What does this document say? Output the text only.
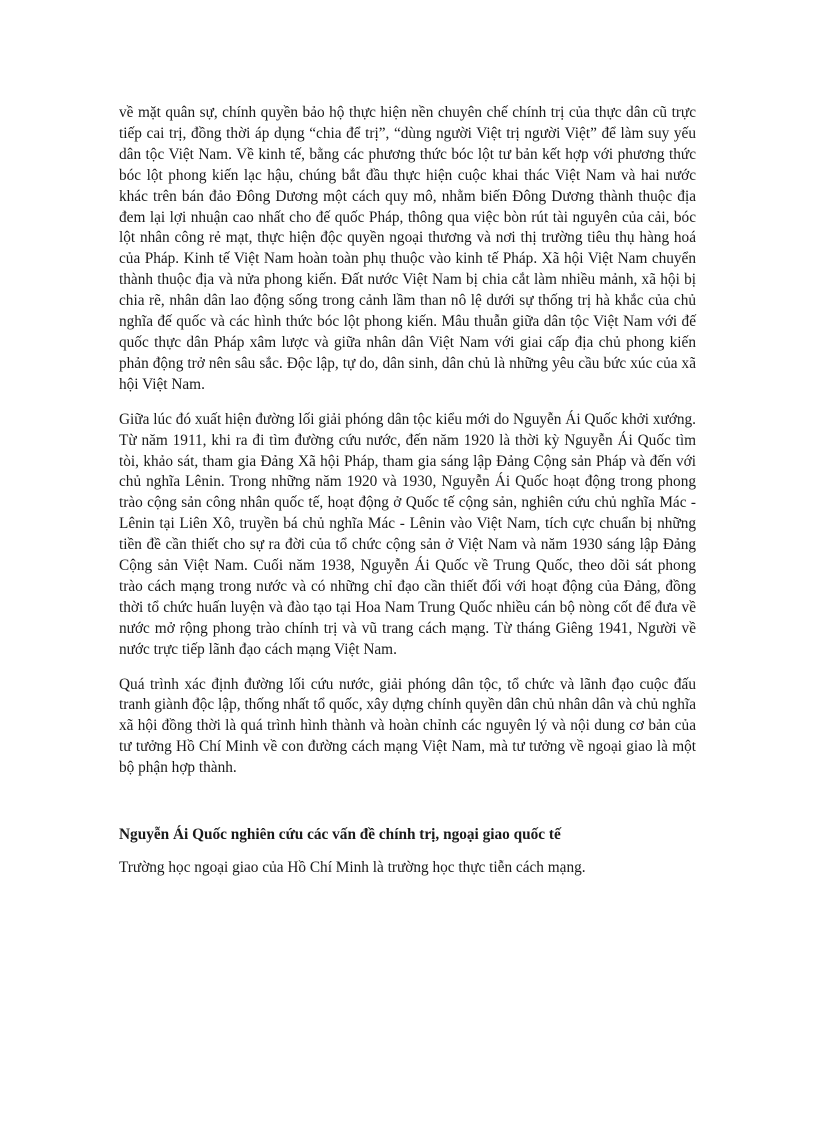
về mặt quân sự, chính quyền bảo hộ thực hiện nền chuyên chế chính trị của thực dân cũ trực tiếp cai trị, đồng thời áp dụng “chia để trị”, “dùng người Việt trị người Việt” để làm suy yếu dân tộc Việt Nam. Về kinh tế, bằng các phương thức bóc lột tư bản kết hợp với phương thức bóc lột phong kiến lạc hậu, chúng bắt đầu thực hiện cuộc khai thác Việt Nam và hai nước khác trên bán đảo Đông Dương một cách quy mô, nhằm biến Đông Dương thành thuộc địa đem lại lợi nhuận cao nhất cho đế quốc Pháp, thông qua việc bòn rút tài nguyên của cải, bóc lột nhân công rẻ mạt, thực hiện độc quyền ngoại thương và nơi thị trường tiêu thụ hàng hoá của Pháp. Kinh tế Việt Nam hoàn toàn phụ thuộc vào kinh tế Pháp. Xã hội Việt Nam chuyển thành thuộc địa và nửa phong kiến. Đất nước Việt Nam bị chia cắt làm nhiều mảnh, xã hội bị chia rẽ, nhân dân lao động sống trong cảnh lầm than nô lệ dưới sự thống trị hà khắc của chủ nghĩa đế quốc và các hình thức bóc lột phong kiến. Mâu thuẫn giữa dân tộc Việt Nam với đế quốc thực dân Pháp xâm lược và giữa nhân dân Việt Nam với giai cấp địa chủ phong kiến phản động trở nên sâu sắc. Độc lập, tự do, dân sinh, dân chủ là những yêu cầu bức xúc của xã hội Việt Nam.

Giữa lúc đó xuất hiện đường lối giải phóng dân tộc kiểu mới do Nguyễn Ái Quốc khởi xướng. Từ năm 1911, khi ra đi tìm đường cứu nước, đến năm 1920 là thời kỳ Nguyễn Ái Quốc tìm tòi, khảo sát, tham gia Đảng Xã hội Pháp, tham gia sáng lập Đảng Cộng sản Pháp và đến với chủ nghĩa Lênin. Trong những năm 1920 và 1930, Nguyễn Ái Quốc hoạt động trong phong trào cộng sản công nhân quốc tế, hoạt động ở Quốc tế cộng sản, nghiên cứu chủ nghĩa Mác - Lênin tại Liên Xô, truyền bá chủ nghĩa Mác - Lênin vào Việt Nam, tích cực chuẩn bị những tiền đề cần thiết cho sự ra đời của tổ chức cộng sản ở Việt Nam và năm 1930 sáng lập Đảng Cộng sản Việt Nam. Cuối năm 1938, Nguyễn Ái Quốc về Trung Quốc, theo dõi sát phong trào cách mạng trong nước và có những chỉ đạo cần thiết đối với hoạt động của Đảng, đồng thời tổ chức huấn luyện và đào tạo tại Hoa Nam Trung Quốc nhiều cán bộ nòng cốt để đưa về nước mở rộng phong trào chính trị và vũ trang cách mạng. Từ tháng Giêng 1941, Người về nước trực tiếp lãnh đạo cách mạng Việt Nam.

Quá trình xác định đường lối cứu nước, giải phóng dân tộc, tổ chức và lãnh đạo cuộc đấu tranh giành độc lập, thống nhất tổ quốc, xây dựng chính quyền dân chủ nhân dân và chủ nghĩa xã hội đồng thời là quá trình hình thành và hoàn chỉnh các nguyên lý và nội dung cơ bản của tư tưởng Hồ Chí Minh về con đường cách mạng Việt Nam, mà tư tưởng về ngoại giao là một bộ phận hợp thành.

Nguyễn Ái Quốc nghiên cứu các vấn đề chính trị, ngoại giao quốc tế

Trường học ngoại giao của Hồ Chí Minh là trường học thực tiễn cách mạng.
